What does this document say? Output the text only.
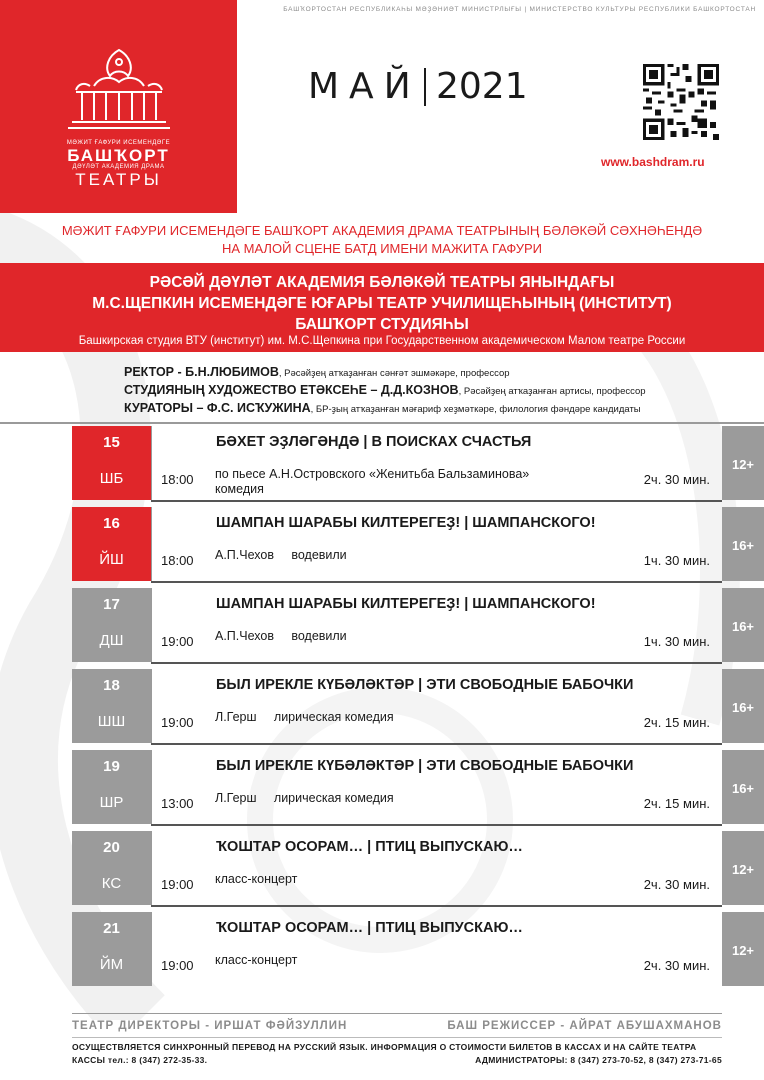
МӘЖИТ ҒАФУРИ ИСЕМЕНДӘГЕ
БАШҠОРТ
ДӘҮЛӘТ АКАДЕМИЯ ДРАМА
ТЕАТРЫ
БАШҠОРТОСТАН РЕСПУБЛИКАҺЫ МӘҘӘНИӘТ МИНИСТРЛЫҒЫ | МИНИСТЕРСТВО КУЛЬТУРЫ РЕСПУБЛИКИ БАШКОРТОСТАН
МАЙ 2021
www.bashdram.ru
МӘЖИТ ҒАФУРИ ИСЕМЕНДӘГЕ БАШҠОРТ АКАДЕМИЯ ДРАМА ТЕАТРЫНЫҢ БӘЛӘКӘЙ СӘХНӘҺЕНДӘ
НА МАЛОЙ СЦЕНЕ БАТД ИМЕНИ МАЖИТА ГАФУРИ
РӘСӘЙ ДӘҮЛӘТ АКАДЕМИЯ БӘЛӘКӘЙ ТЕАТРЫ ЯНЫНДАҒЫ
М.С.ЩЕПКИН ИСЕМЕНДӘГЕ ЮҒАРЫ ТЕАТР УЧИЛИЩЕҺЫНЫҢ (ИНСТИТУТ)
БАШҠОРТ СТУДИЯҺЫ
Башкирская студия ВТУ (институт) им. М.С.Щепкина при Государственном академическом Малом театре России
РЕКТОР - Б.Н.ЛЮБИМОВ, Рәсәйҙең атҡаҙанған сәнғәт эшмәкәре, профессор
СТУДИЯНЫҢ ХУДОЖЕСТВО ЕТӘКСЕҺЕ – Д.Д.КОЗНОВ, Рәсәйҙең атҡаҙанған артисы, профессор
КУРАТОРЫ – Ф.С. ИСҠУЖИНА, БР-ҙың атҡаҙанған мәғариф хеҙмәткәре, филология фәндәре кандидаты
15
ШБ
БӘХЕТ ЭҘЛӘГӘНДӘ | В ПОИСКАХ СЧАСТЬЯ
18:00 по пьесе А.Н.Островского «Женитьба Бальзаминова»
комедия
2ч. 30 мин.
12+
16
ЙШ
ШАМПАН ШАРАБЫ КИЛТЕРЕГЕҘ! | ШАМПАНСКОГО!
18:00 А.П.Чехов     водевили	1ч. 30 мин.
16+
17
ДШ
ШАМПАН ШАРАБЫ КИЛТЕРЕГЕҘ! | ШАМПАНСКОГО!
19:00 А.П.Чехов     водевили	1ч. 30 мин.
16+
18
ШШ
БЫЛ ИРЕКЛЕ КҮБӘЛӘКТӘР | ЭТИ СВОБОДНЫЕ БАБОЧКИ
19:00 Л.Герш     лирическая комедия	2ч. 15 мин.
16+
19
ШР
БЫЛ ИРЕКЛЕ КҮБӘЛӘКТӘР | ЭТИ СВОБОДНЫЕ БАБОЧКИ
13:00 Л.Герш     лирическая комедия	2ч. 15 мин.
16+
20
КС
ҠОШТАР ОСОРАМ… | ПТИЦ ВЫПУСКАЮ…
19:00 класс-концерт	2ч. 30 мин.
12+
21
ЙМ
ҠОШТАР ОСОРАМ… | ПТИЦ ВЫПУСКАЮ…
19:00 класс-концерт	2ч. 30 мин.
12+
ТЕАТР ДИРЕКТОРЫ - ИРШАТ ФӘЙЗУЛЛИН	БАШ РЕЖИССЕР - АЙРАТ АБУШАХМАНОВ
ОСУЩЕСТВЛЯЕТСЯ СИНХРОННЫЙ ПЕРЕВОД НА РУССКИЙ ЯЗЫК. ИНФОРМАЦИЯ О СТОИМОСТИ БИЛЕТОВ В КАССАХ И НА САЙТЕ ТЕАТРА
КАССЫ тел.: 8 (347) 272-35-33.	АДМИНИСТРАТОРЫ: 8 (347) 273-70-52, 8 (347) 273-71-65
